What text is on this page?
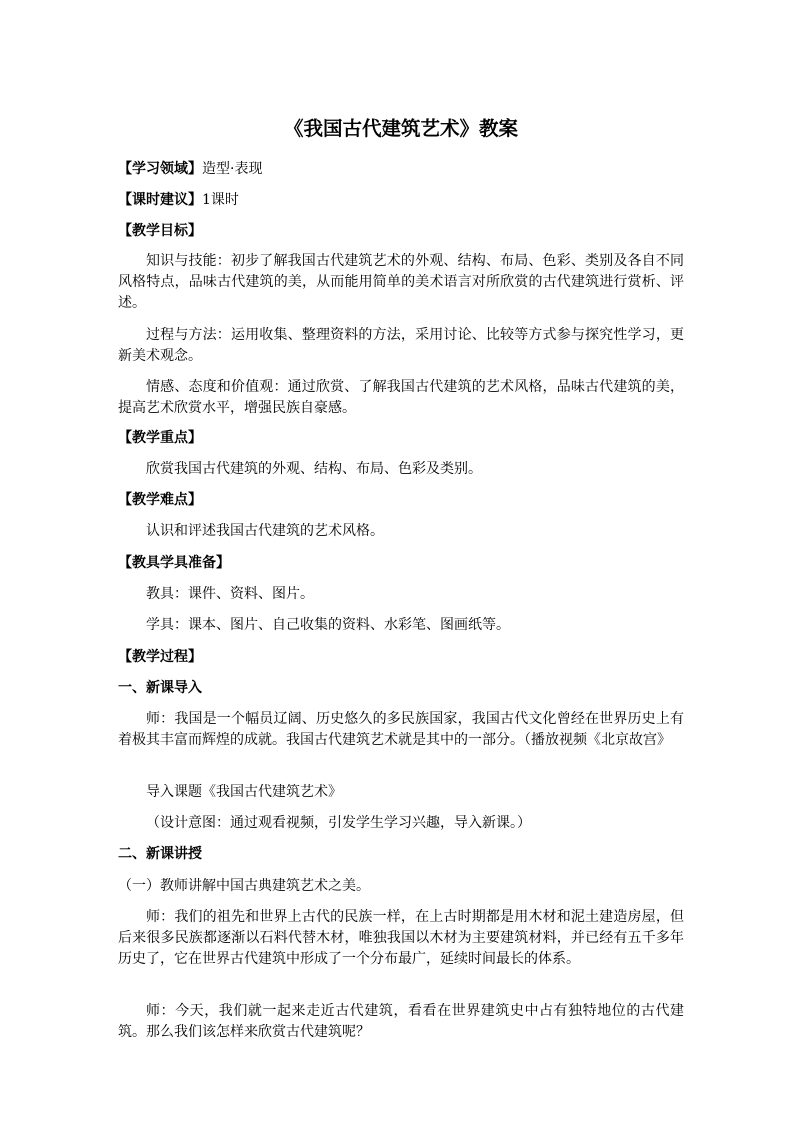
《我国古代建筑艺术》教案
【学习领域】造型·表现
【课时建议】1课时
【教学目标】
知识与技能：初步了解我国古代建筑艺术的外观、结构、布局、色彩、类别及各自不同风格特点，品味古代建筑的美，从而能用简单的美术语言对所欣赏的古代建筑进行赏析、评述。
过程与方法：运用收集、整理资料的方法，采用讨论、比较等方式参与探究性学习，更新美术观念。
情感、态度和价值观：通过欣赏、了解我国古代建筑的艺术风格，品味古代建筑的美，提高艺术欣赏水平，增强民族自豪感。
【教学重点】
欣赏我国古代建筑的外观、结构、布局、色彩及类别。
【教学难点】
认识和评述我国古代建筑的艺术风格。
【教具学具准备】
教具：课件、资料、图片。
学具：课本、图片、自己收集的资料、水彩笔、图画纸等。
【教学过程】
一、新课导入
师：我国是一个幅员辽阔、历史悠久的多民族国家，我国古代文化曾经在世界历史上有着极其丰富而辉煌的成就。我国古代建筑艺术就是其中的一部分。（播放视频《北京故宫》
导入课题《我国古代建筑艺术》
（设计意图：通过观看视频，引发学生学习兴趣，导入新课。）
二、新课讲授
（一）教师讲解中国古典建筑艺术之美。
师：我们的祖先和世界上古代的民族一样，在上古时期都是用木材和泥土建造房屋，但后来很多民族都逐渐以石料代替木材，唯独我国以木材为主要建筑材料，并已经有五千多年历史了，它在世界古代建筑中形成了一个分布最广，延续时间最长的体系。
师：今天，我们就一起来走近古代建筑，看看在世界建筑史中占有独特地位的古代建筑。那么我们该怎样来欣赏古代建筑呢？
